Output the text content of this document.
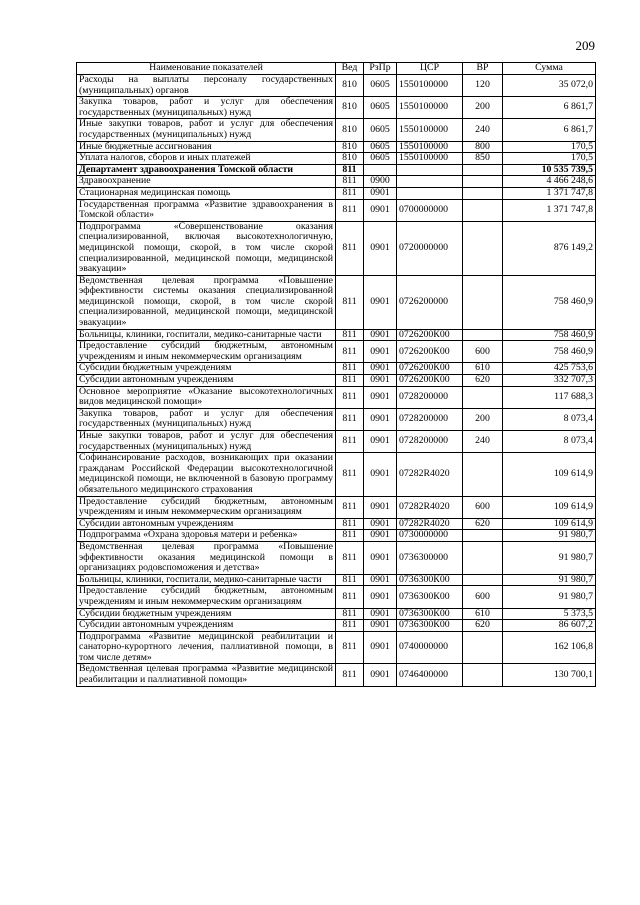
209
Наименование показателей	Вед	РзПр	ЦСР	ВР	Сумма
Расходы на выплаты персоналу государственных (муниципальных) органов	810	0605	1550100000	120	35 072,0
Закупка товаров, работ и услуг для обеспечения государственных (муниципальных) нужд	810	0605	1550100000	200	6 861,7
Иные закупки товаров, работ и услуг для обеспечения государственных (муниципальных) нужд	810	0605	1550100000	240	6 861,7
Иные бюджетные ассигнования	810	0605	1550100000	800	170,5
Уплата налогов, сборов и иных платежей	810	0605	1550100000	850	170,5
Департамент здравоохранения Томской области	811				10 535 739,5
Здравоохранение	811	0900			4 466 248,6
Стационарная медицинская помощь	811	0901			1 371 747,8
Государственная программа «Развитие здравоохранения в Томской области»	811	0901	0700000000		1 371 747,8
Подпрограмма «Совершенствование оказания специализированной, включая высокотехнологичную, медицинской помощи, скорой, в том числе скорой специализированной, медицинской помощи, медицинской эвакуации»	811	0901	0720000000		876 149,2
Ведомственная целевая программа «Повышение эффективности системы оказания специализированной медицинской помощи, скорой, в том числе скорой специализированной, медицинской помощи, медицинской эвакуации»	811	0901	0726200000		758 460,9
Больницы, клиники, госпитали, медико-санитарные части	811	0901	0726200К00		758 460,9
Предоставление субсидий бюджетным, автономным учреждениям и иным некоммерческим организациям	811	0901	0726200К00	600	758 460,9
Субсидии бюджетным учреждениям	811	0901	0726200К00	610	425 753,6
Субсидии автономным учреждениям	811	0901	0726200К00	620	332 707,3
Основное мероприятие «Оказание высокотехнологичных видов медицинской помощи»	811	0901	0728200000		117 688,3
Закупка товаров, работ и услуг для обеспечения государственных (муниципальных) нужд	811	0901	0728200000	200	8 073,4
Иные закупки товаров, работ и услуг для обеспечения государственных (муниципальных) нужд	811	0901	0728200000	240	8 073,4
Софинансирование расходов, возникающих при оказании гражданам Российской Федерации высокотехнологичной медицинской помощи, не включенной в базовую программу обязательного медицинского страхования	811	0901	07282R4020		109 614,9
Предоставление субсидий бюджетным, автономным учреждениям и иным некоммерческим организациям	811	0901	07282R4020	600	109 614,9
Субсидии автономным учреждениям	811	0901	07282R4020	620	109 614,9
Подпрограмма «Охрана здоровья матери и ребенка»	811	0901	0730000000		91 980,7
Ведомственная целевая программа «Повышение эффективности оказания медицинской помощи в организациях родовспоможения и детства»	811	0901	0736300000		91 980,7
Больницы, клиники, госпитали, медико-санитарные части	811	0901	0736300К00		91 980,7
Предоставление субсидий бюджетным, автономным учреждениям и иным некоммерческим организациям	811	0901	0736300К00	600	91 980,7
Субсидии бюджетным учреждениям	811	0901	0736300К00	610	5 373,5
Субсидии автономным учреждениям	811	0901	0736300К00	620	86 607,2
Подпрограмма «Развитие медицинской реабилитации и санаторно-курортного лечения, паллиативной помощи, в том числе детям»	811	0901	0740000000		162 106,8
Ведомственная целевая программа «Развитие медицинской реабилитации и паллиативной помощи»	811	0901	0746400000		130 700,1
